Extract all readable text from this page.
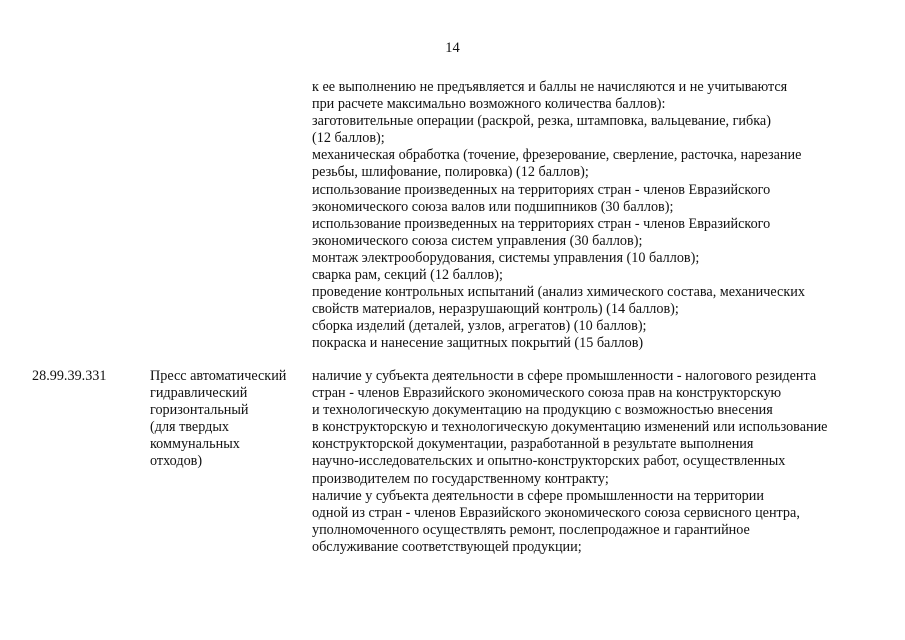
14
к ее выполнению не предъявляется и баллы не начисляются и не учитываются
при расчете максимально возможного количества баллов):
заготовительные операции (раскрой, резка, штамповка, вальцевание, гибка)
(12 баллов);
механическая обработка (точение, фрезерование, сверление, расточка, нарезание
резьбы, шлифование, полировка) (12 баллов);
использование произведенных на территориях стран - членов Евразийского
экономического союза валов или подшипников (30 баллов);
использование произведенных на территориях стран - членов Евразийского
экономического союза систем управления (30 баллов);
монтаж электрооборудования, системы управления (10 баллов);
сварка рам, секций (12 баллов);
проведение контрольных испытаний (анализ химического состава, механических
свойств материалов, неразрушающий контроль) (14 баллов);
сборка изделий (деталей, узлов, агрегатов) (10 баллов);
покраска и нанесение защитных покрытий (15 баллов)
28.99.39.331	Пресс автоматический
гидравлический
горизонтальный
(для твердых
коммунальных
отходов)
наличие у субъекта деятельности в сфере промышленности - налогового резидента
стран - членов Евразийского экономического союза прав на конструкторскую
и технологическую документацию на продукцию с возможностью внесения
в конструкторскую и технологическую документацию изменений или использование
конструкторской документации, разработанной в результате выполнения
научно-исследовательских и опытно-конструкторских работ, осуществленных
производителем по государственному контракту;
наличие у субъекта деятельности в сфере промышленности на территории
одной из стран - членов Евразийского экономического союза сервисного центра,
уполномоченного осуществлять ремонт, послепродажное и гарантийное
обслуживание соответствующей продукции;
